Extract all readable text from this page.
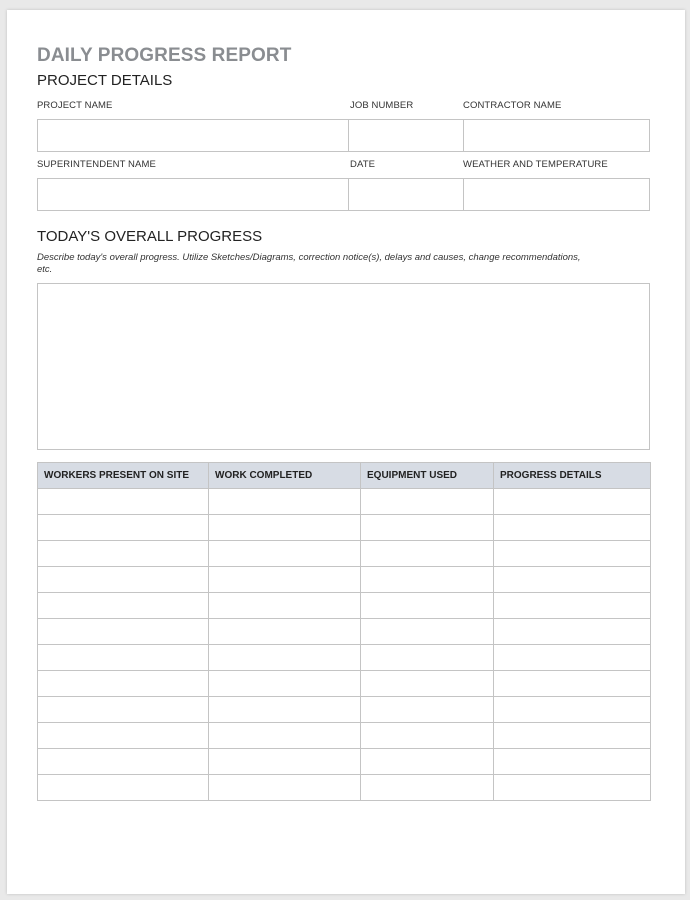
DAILY PROGRESS REPORT
PROJECT DETAILS
PROJECT NAME	JOB NUMBER	CONTRACTOR NAME
SUPERINTENDENT NAME	DATE	WEATHER AND TEMPERATURE
TODAY'S OVERALL PROGRESS
Describe today's overall progress. Utilize Sketches/Diagrams, correction notice(s), delays and causes, change recommendations, etc.
WORKERS PRESENT ON SITE	WORK COMPLETED	EQUIPMENT USED	PROGRESS DETAILS
